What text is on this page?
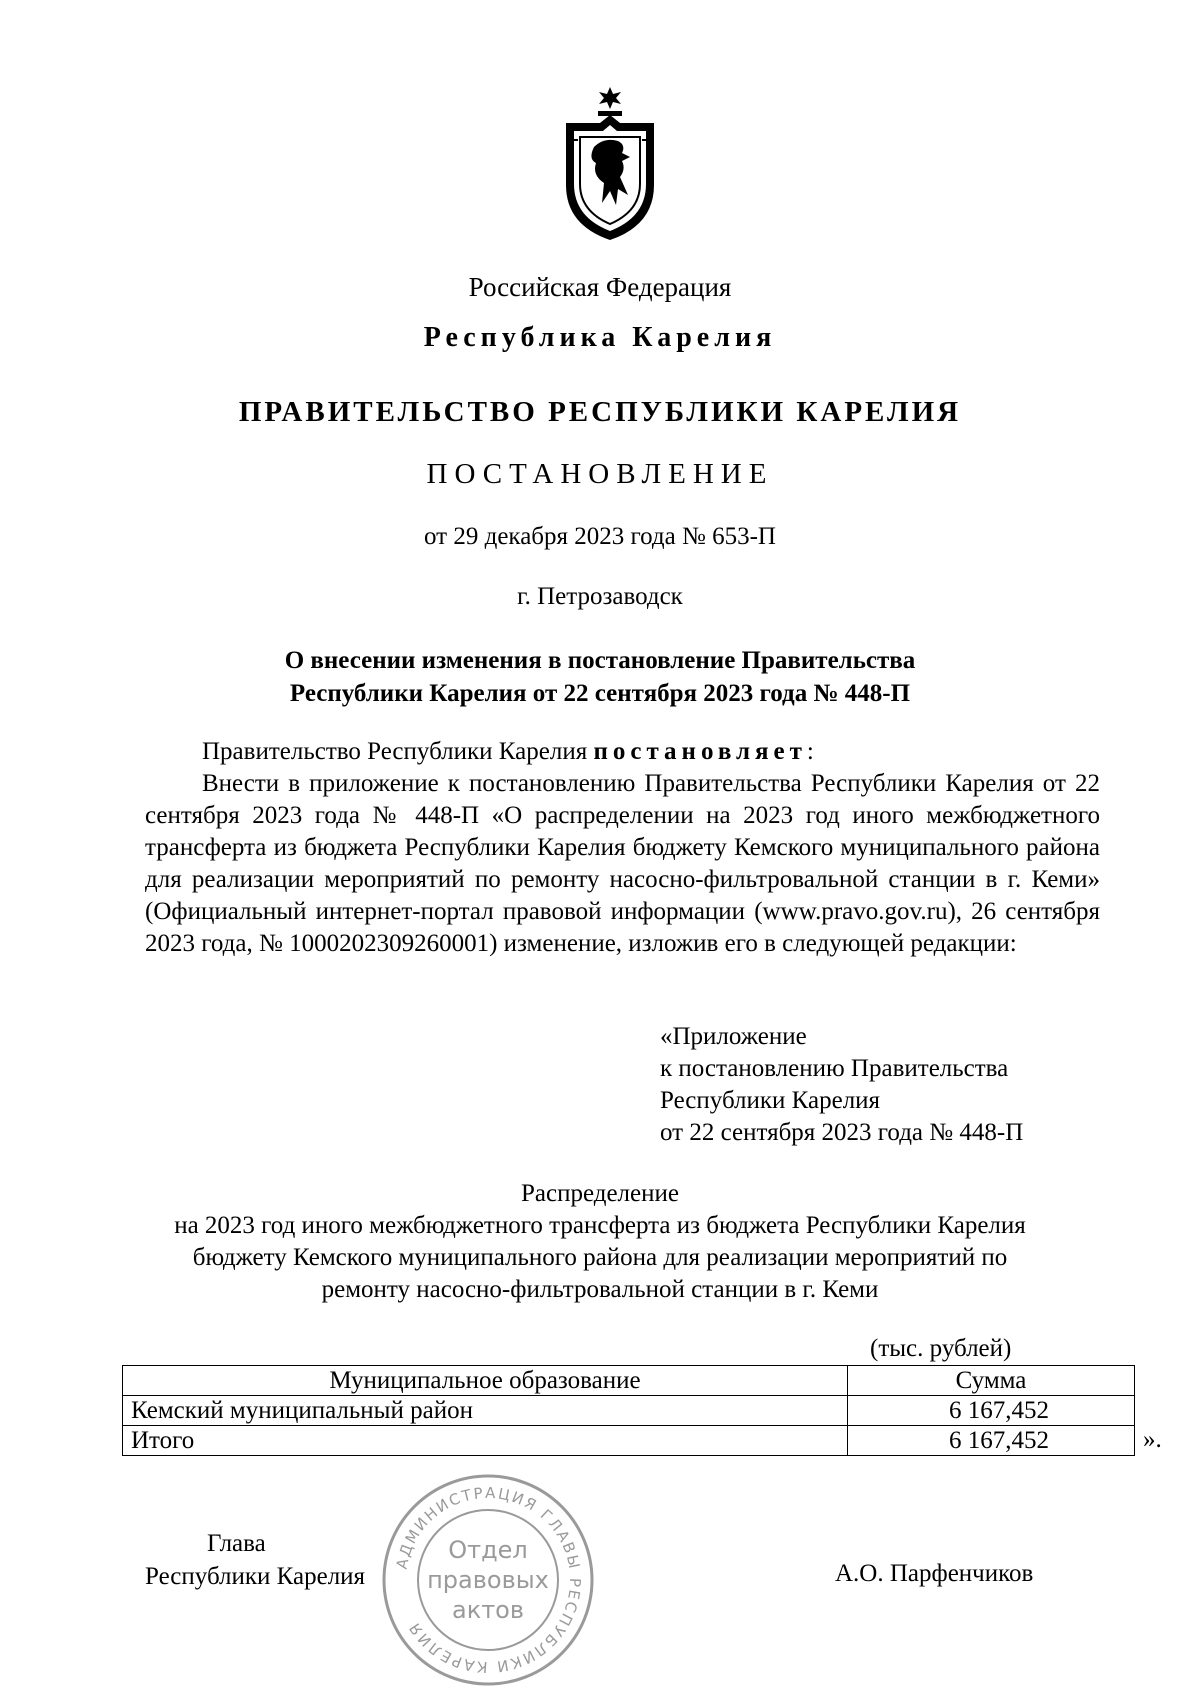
Российская Федерация
Республика Карелия
ПРАВИТЕЛЬСТВО РЕСПУБЛИКИ КАРЕЛИЯ
ПОСТАНОВЛЕНИЕ
от 29 декабря 2023 года № 653-П
г. Петрозаводск
О внесении изменения в постановление Правительства
Республики Карелия от 22 сентября 2023 года № 448-П
Правительство Республики Карелия постановляет:
Внести в приложение к постановлению Правительства Республики Карелия от 22 сентября 2023 года № 448-П «О распределении на 2023 год иного межбюджетного трансферта из бюджета Республики Карелия бюджету Кемского муниципального района для реализации мероприятий по ремонту насосно-фильтровальной станции в г. Кеми» (Официальный интернет-портал правовой информации (www.pravo.gov.ru), 26 сентября 2023 года, № 1000202309260001) изменение, изложив его в следующей редакции:
«Приложение
к постановлению Правительства
Республики Карелия
от 22 сентября 2023 года № 448-П
Распределение
на 2023 год иного межбюджетного трансферта из бюджета Республики Карелия
бюджету Кемского муниципального района для реализации мероприятий по
ремонту насосно-фильтровальной станции в г. Кеми
(тыс. рублей)
Муниципальное образование	Сумма
Кемский муниципальный район	6 167,452
Итого	6 167,452	».
Глава
Республики Карелия	А.О. Парфенчиков
АДМИНИСТРАЦИЯ ГЛАВЫ РЕСПУБЛИКИ КАРЕЛИЯ
Отдел
правовых
актов
